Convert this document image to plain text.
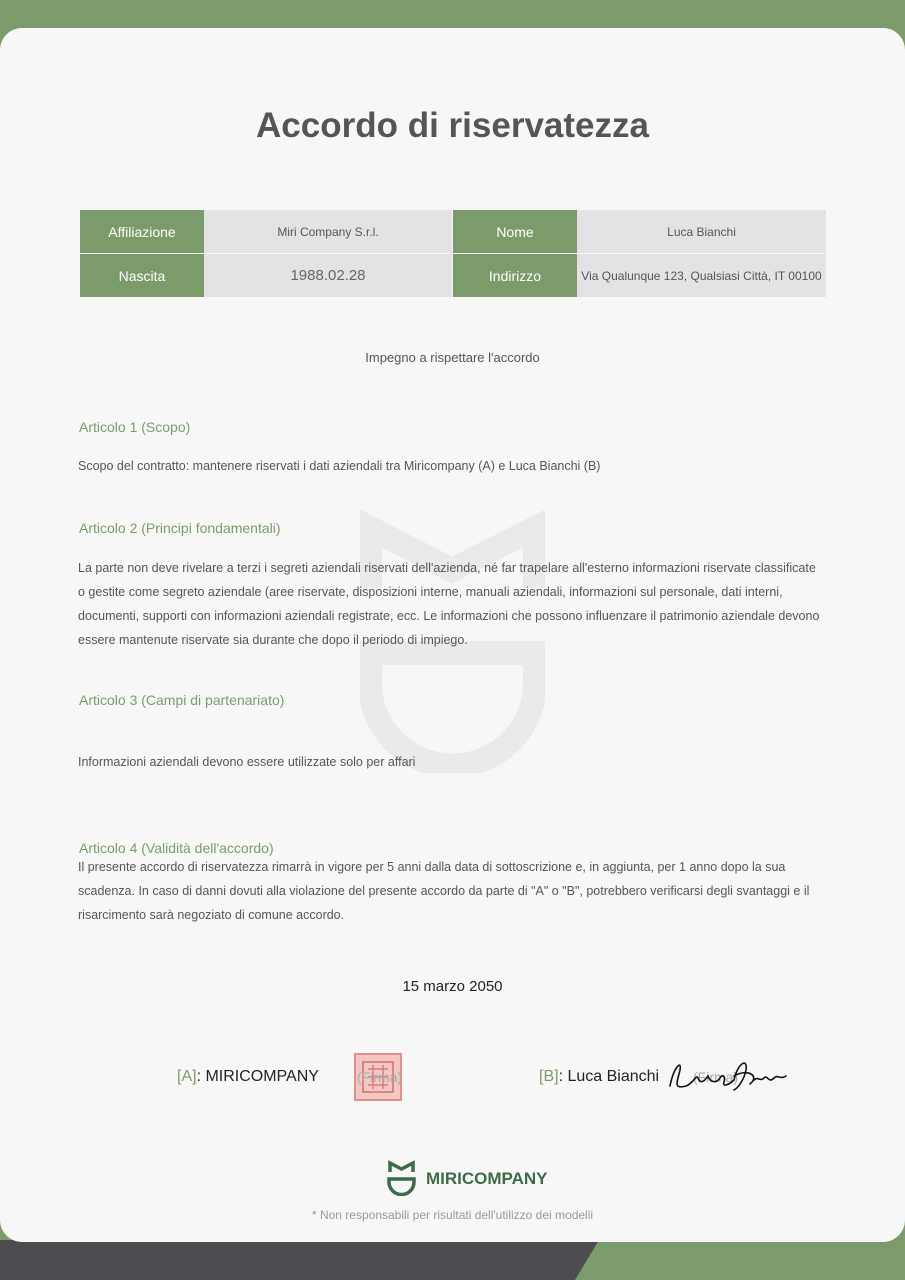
Accordo di riservatezza
Affiliazione	Miri Company S.r.l.	Nome	Luca Bianchi
Nascita	1988.02.28	Indirizzo	Via Qualunque 123, Qualsiasi Città, IT 00100
Impegno a rispettare l'accordo
Articolo 1 (Scopo)
Scopo del contratto: mantenere riservati i dati aziendali tra Miricompany (A) e Luca Bianchi (B)
Articolo 2 (Principi fondamentali)
La parte non deve rivelare a terzi i segreti aziendali riservati dell'azienda, né far trapelare all'esterno informazioni riservate classificate o gestite come segreto aziendale (aree riservate, disposizioni interne, manuali aziendali, informazioni sul personale, dati interni, documenti, supporti con informazioni aziendali registrate, ecc. Le informazioni che possono influenzare il patrimonio aziendale devono essere mantenute riservate sia durante che dopo il periodo di impiego.
Articolo 3 (Campi di partenariato)
Informazioni aziendali devono essere utilizzate solo per affari
Articolo 4 (Validità dell'accordo)
Il presente accordo di riservatezza rimarrà in vigore per 5 anni dalla data di sottoscrizione e, in aggiunta, per 1 anno dopo la sua scadenza. In caso di danni dovuti alla violazione del presente accordo da parte di "A" o "B", potrebbero verificarsi degli svantaggi e il risarcimento sarà negoziato di comune accordo.
15 marzo 2050
[A]: MIRICOMPANY	(Firma)	[B]: Luca Bianchi (Firma)
MIRICOMPANY
* Non responsabili per risultati dell'utilizzo dei modelli
